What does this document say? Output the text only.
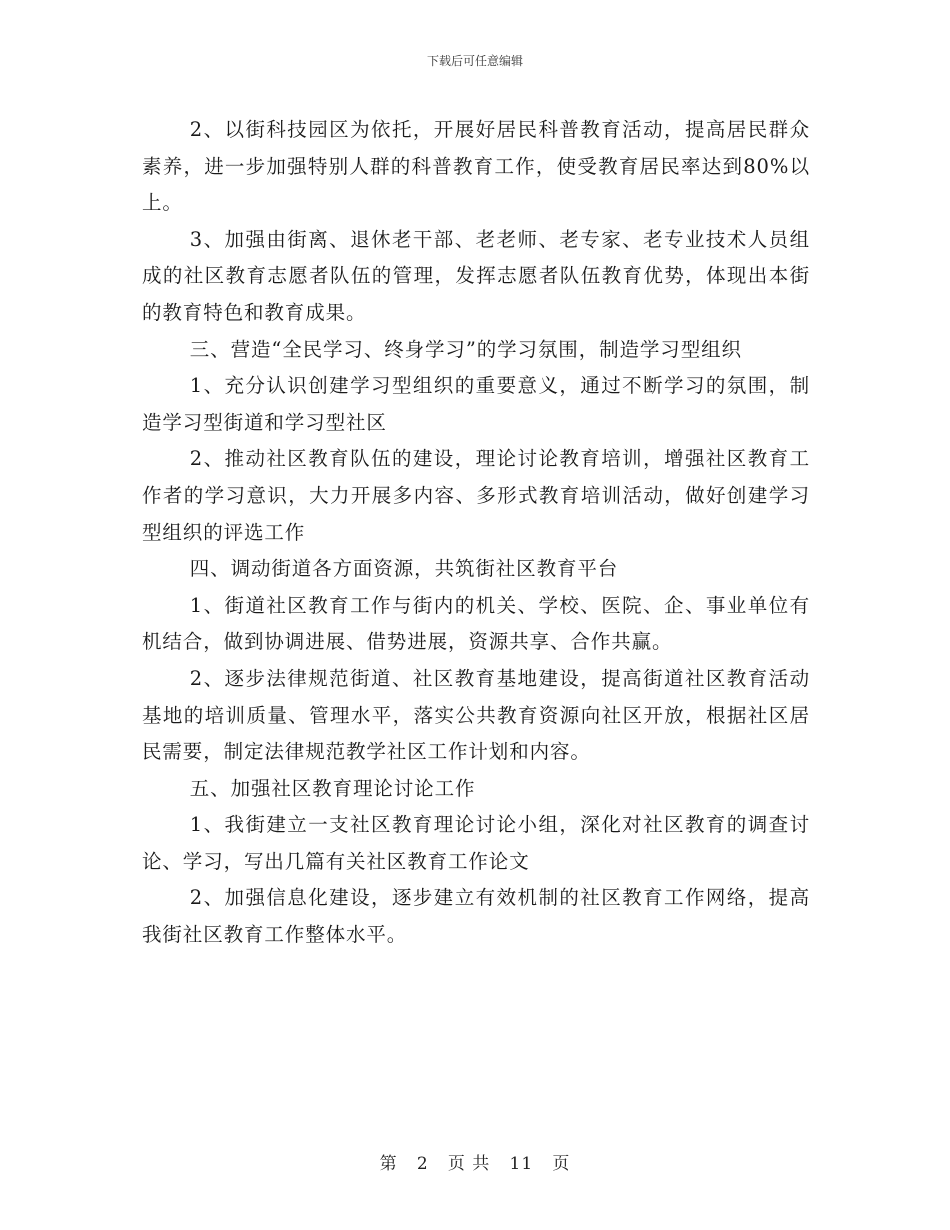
下载后可任意编辑

2、以街科技园区为依托，开展好居民科普教育活动，提高居民群众素养，进一步加强特别人群的科普教育工作，使受教育居民率达到80%以上。

3、加强由街离、退休老干部、老老师、老专家、老专业技术人员组成的社区教育志愿者队伍的管理，发挥志愿者队伍教育优势，体现出本街的教育特色和教育成果。

三、营造“全民学习、终身学习”的学习氛围，制造学习型组织

1、充分认识创建学习型组织的重要意义，通过不断学习的氛围，制造学习型街道和学习型社区

2、推动社区教育队伍的建设，理论讨论教育培训，增强社区教育工作者的学习意识，大力开展多内容、多形式教育培训活动，做好创建学习型组织的评选工作

四、调动街道各方面资源，共筑街社区教育平台

1、街道社区教育工作与街内的机关、学校、医院、企、事业单位有机结合，做到协调进展、借势进展，资源共享、合作共赢。

2、逐步法律规范街道、社区教育基地建设，提高街道社区教育活动基地的培训质量、管理水平，落实公共教育资源向社区开放，根据社区居民需要，制定法律规范教学社区工作计划和内容。

五、加强社区教育理论讨论工作

1、我街建立一支社区教育理论讨论小组，深化对社区教育的调查讨论、学习，写出几篇有关社区教育工作论文

2、加强信息化建设，逐步建立有效机制的社区教育工作网络，提高我街社区教育工作整体水平。

第 2 页 共 11 页
